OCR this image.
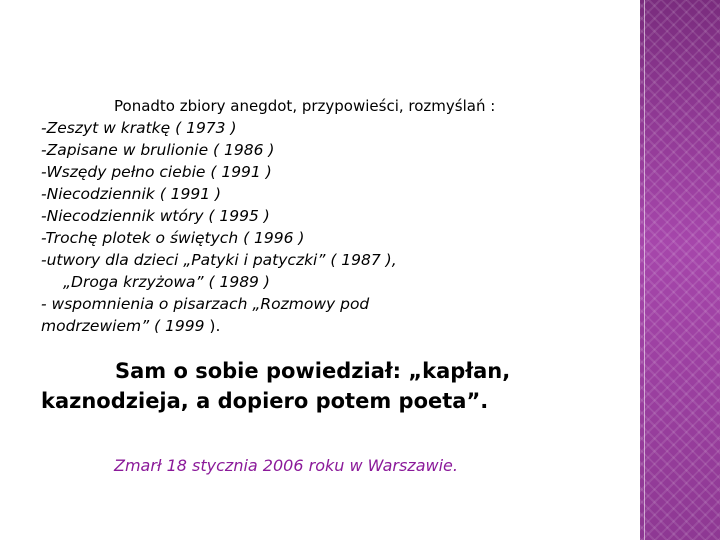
Ponadto zbiory anegdot, przypowieści, rozmyślań :
-Zeszyt w kratkę ( 1973 )
-Zapisane w brulionie ( 1986 )
-Wszędy pełno ciebie ( 1991 )
-Niecodziennik ( 1991 )
-Niecodziennik wtóry ( 1995 )
-Trochę plotek o świętych ( 1996 )
-utwory dla dzieci „Patyki i patyczki” ( 1987 ),
„Droga krzyżowa” ( 1989 )
- wspomnienia o pisarzach „Rozmowy pod
modrzewiem” ( 1999 ).
Sam o sobie powiedział: „kapłan,
kaznodzieja, a dopiero potem poeta”.
Zmarł 18 stycznia 2006 roku w Warszawie.
